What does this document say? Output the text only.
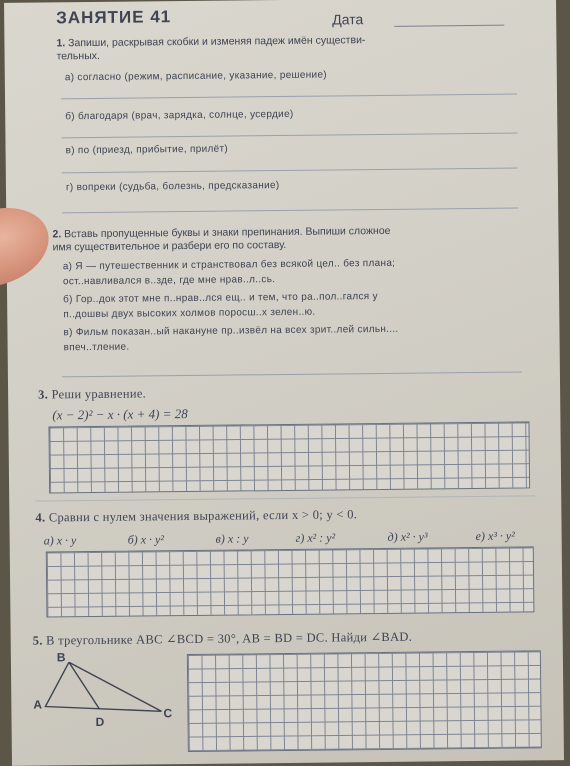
ЗАНЯТИЕ 41	Дата
1. Запиши, раскрывая скобки и изменяя падеж имён существи-
тельных.
а) согласно (режим, расписание, указание, решение)
б) благодаря (врач, зарядка, солнце, усердие)
в) по (приезд, прибытие, прилёт)
г) вопреки (судьба, болезнь, предсказание)
2. Вставь пропущенные буквы и знаки препинания. Выпиши сложное
имя существительное и разбери его по составу.
а) Я — путешественник и странствовал без всякой цел.. без плана;
ост..навливался в..зде, где мне нрав..л..сь.
б) Гор..док этот мне п..нрав..лся ещ.. и тем, что ра..пол..гался у
п..дошвы двух высоких холмов поросш..х зелен..ю.
в) Фильм показан..ый накануне пр..извёл на всех зрит..лей сильн....
впеч..тление.
3. Реши уравнение.
(x − 2)² − x · (x + 4) = 28
4. Сравни с нулем значения выражений, если x > 0; y < 0.
а) x · y	б) x · y²	в) x : y	г) x² : y²	д) x² · y³	е) x³ · y²
5. В треугольнике ABC ∠BCD = 30°, AB = BD = DC. Найди ∠BAD.
B
A
C
D
